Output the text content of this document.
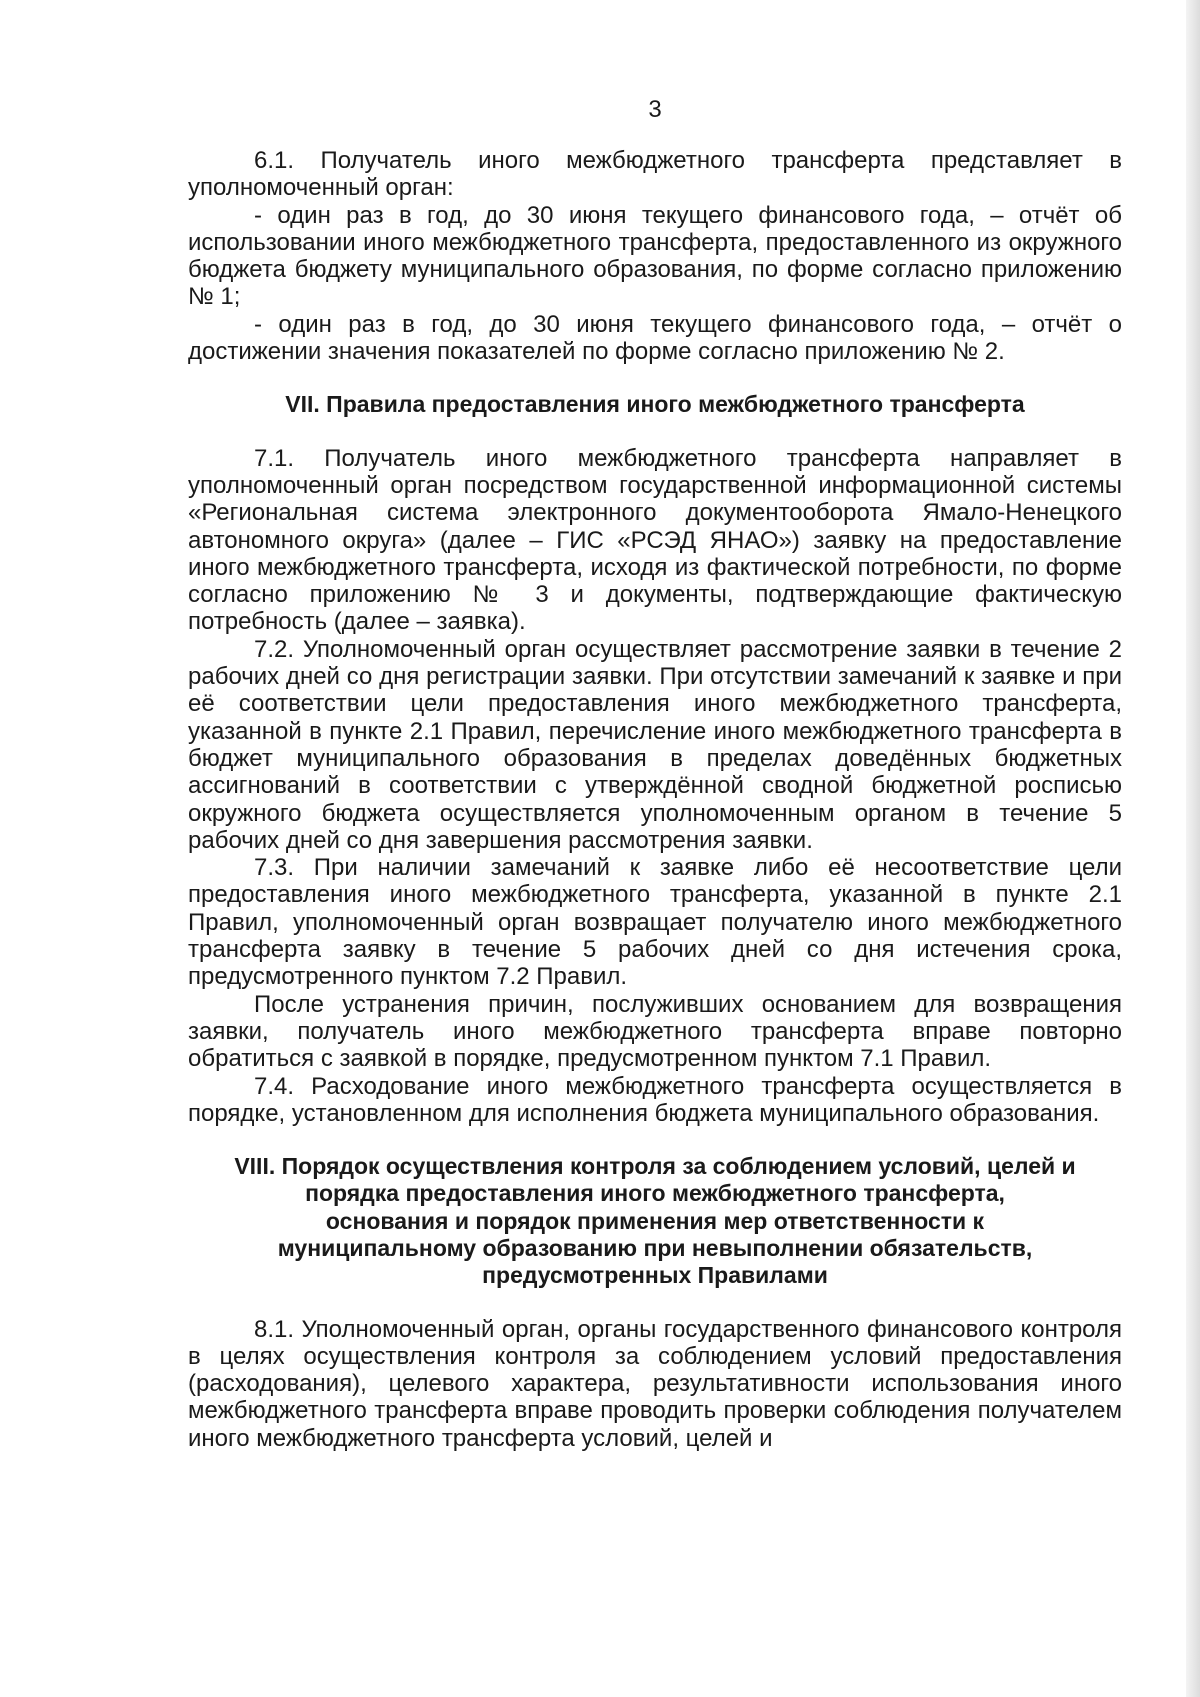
3

6.1. Получатель иного межбюджетного трансферта представляет в уполномоченный орган:

- один раз в год, до 30 июня текущего финансового года, – отчёт об использовании иного межбюджетного трансферта, предоставленного из окружного бюджета бюджету муниципального образования, по форме согласно приложению № 1;

- один раз в год, до 30 июня текущего финансового года, – отчёт о достижении значения показателей по форме согласно приложению № 2.

VII. Правила предоставления иного межбюджетного трансферта

7.1. Получатель иного межбюджетного трансферта направляет в уполномоченный орган посредством государственной информационной системы «Региональная система электронного документооборота Ямало-Ненецкого автономного округа» (далее – ГИС «РСЭД ЯНАО») заявку на предоставление иного межбюджетного трансферта, исходя из фактической потребности, по форме согласно приложению № 3 и документы, подтверждающие фактическую потребность (далее – заявка).

7.2. Уполномоченный орган осуществляет рассмотрение заявки в течение 2 рабочих дней со дня регистрации заявки. При отсутствии замечаний к заявке и при её соответствии цели предоставления иного межбюджетного трансферта, указанной в пункте 2.1 Правил, перечисление иного межбюджетного трансферта в бюджет муниципального образования в пределах доведённых бюджетных ассигнований в соответствии с утверждённой сводной бюджетной росписью окружного бюджета осуществляется уполномоченным органом в течение 5 рабочих дней со дня завершения рассмотрения заявки.

7.3. При наличии замечаний к заявке либо её несоответствие цели предоставления иного межбюджетного трансферта, указанной в пункте 2.1 Правил, уполномоченный орган возвращает получателю иного межбюджетного трансферта заявку в течение 5 рабочих дней со дня истечения срока, предусмотренного пунктом 7.2 Правил.

После устранения причин, послуживших основанием для возвращения заявки, получатель иного межбюджетного трансферта вправе повторно обратиться с заявкой в порядке, предусмотренном пунктом 7.1 Правил.

7.4. Расходование иного межбюджетного трансферта осуществляется в порядке, установленном для исполнения бюджета муниципального образования.

VIII. Порядок осуществления контроля за соблюдением условий, целей и
порядка предоставления иного межбюджетного трансферта,
основания и порядок применения мер ответственности к
муниципальному образованию при невыполнении обязательств,
предусмотренных Правилами

8.1. Уполномоченный орган, органы государственного финансового контроля в целях осуществления контроля за соблюдением условий предоставления (расходования), целевого характера, результативности использования иного межбюджетного трансферта вправе проводить проверки соблюдения получателем иного межбюджетного трансферта условий, целей и
